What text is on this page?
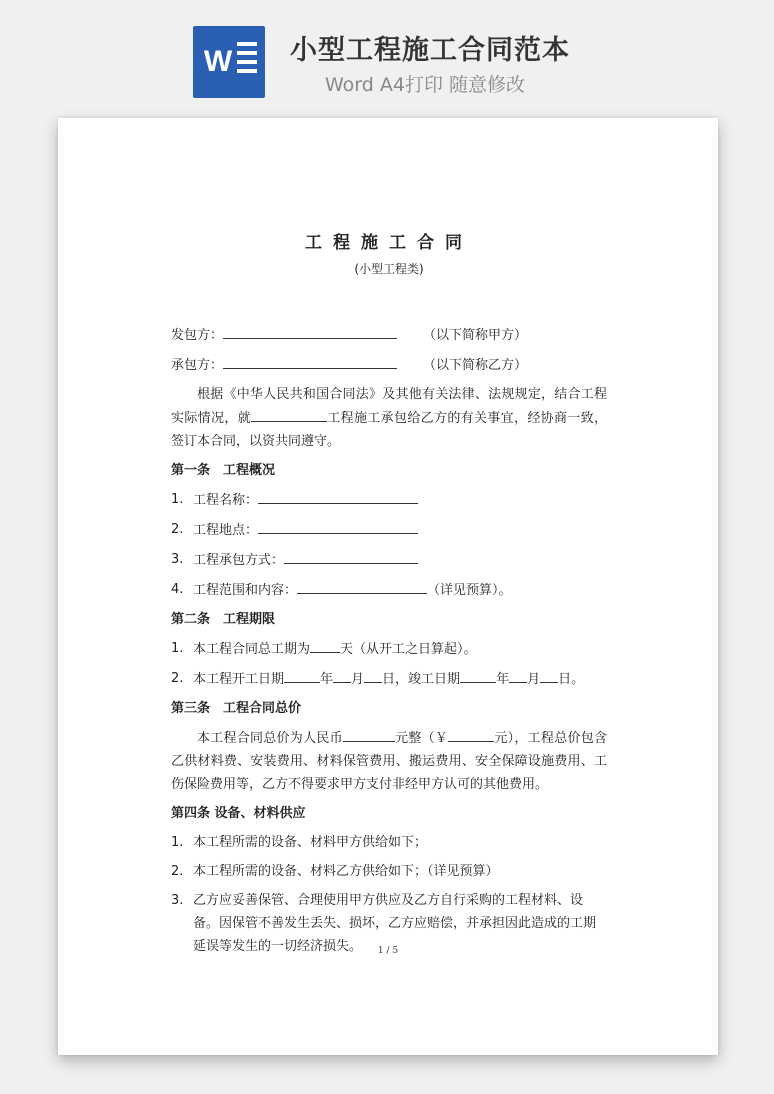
W 小型工程施工合同范本
Word A4打印 随意修改
工程施工合同
(小型工程类)
发包方：	（以下简称甲方）
承包方：	（以下简称乙方）
根据《中华人民共和国合同法》及其他有关法律、法规规定，结合工程实际情况，就	工程施工承包给乙方的有关事宜，经协商一致，签订本合同，以资共同遵守。
第一条　工程概况
1. 工程名称：
2. 工程地点：
3. 工程承包方式：
4. 工程范围和内容：	（详见预算）。
第二条　工程期限
1. 本工程合同总工期为 天（从开工之日算起）。
2. 本工程开工日期	年 月 日，竣工日期	年 月 日。
第三条　工程合同总价
本工程合同总价为人民币	元整（￥	元），工程总价包含乙供材料费、安装费用、材料保管费用、搬运费用、安全保障设施费用、工伤保险费用等，乙方不得要求甲方支付非经甲方认可的其他费用。
第四条 设备、材料供应
1. 本工程所需的设备、材料甲方供给如下；
2. 本工程所需的设备、材料乙方供给如下；（详见预算）
3. 乙方应妥善保管、合理使用甲方供应及乙方自行采购的工程材料、设备。因保管不善发生丢失、损坏，乙方应赔偿，并承担因此造成的工期延误等发生的一切经济损失。	1 / 5
